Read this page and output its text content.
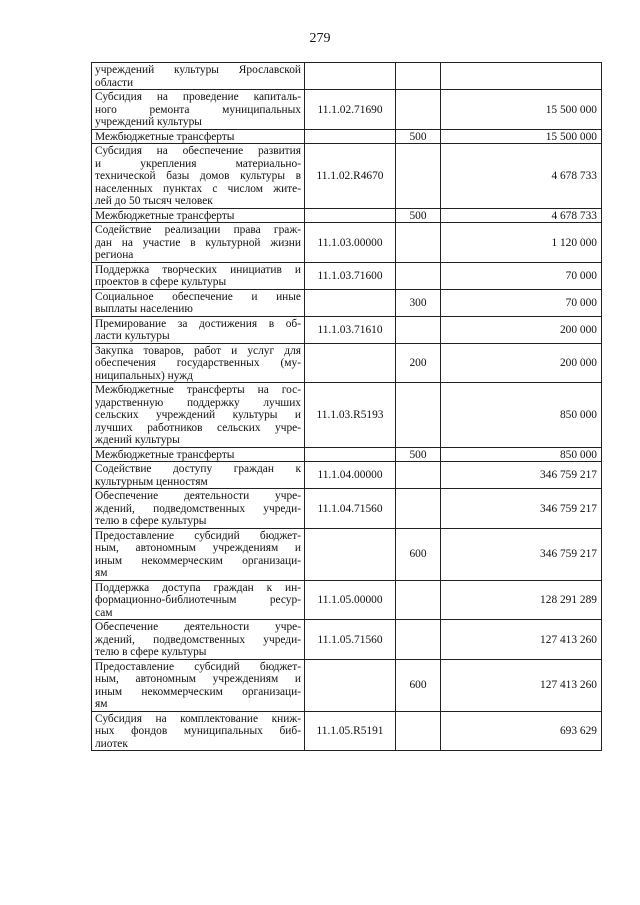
279
учреждений культуры Ярославской
области			

Субсидия на проведение капиталь-
ного ремонта муниципальных
учреждений культуры	11.1.02.71690		15 500 000

Межбюджетные трансферты		500	15 500 000

Субсидия на обеспечение развития
и укрепления материально-
технической базы домов культуры в
населенных пунктах с числом жите-
лей до 50 тысяч человек	11.1.02.R4670		4 678 733

Межбюджетные трансферты		500	4 678 733

Содействие реализации права граж-
дан на участие в культурной жизни
региона	11.1.03.00000		1 120 000

Поддержка творческих инициатив и
проектов в сфере культуры	11.1.03.71600		70 000

Социальное обеспечение и иные
выплаты населению		300	70 000

Премирование за достижения в об-
ласти культуры	11.1.03.71610		200 000

Закупка товаров, работ и услуг для
обеспечения государственных (му-
ниципальных) нужд		200	200 000

Межбюджетные трансферты на гос-
ударственную поддержку лучших
сельских учреждений культуры и
лучших работников сельских учре-
ждений культуры	11.1.03.R5193		850 000

Межбюджетные трансферты		500	850 000

Содействие доступу граждан к
культурным ценностям	11.1.04.00000		346 759 217

Обеспечение деятельности учре-
ждений, подведомственных учреди-
телю в сфере культуры	11.1.04.71560		346 759 217

Предоставление субсидий бюджет-
ным, автономным учреждениям и
иным некоммерческим организаци-
ям		600	346 759 217

Поддержка доступа граждан к ин-
формационно-библиотечным ресур-
сам	11.1.05.00000		128 291 289

Обеспечение деятельности учре-
ждений, подведомственных учреди-
телю в сфере культуры	11.1.05.71560		127 413 260

Предоставление субсидий бюджет-
ным, автономным учреждениям и
иным некоммерческим организаци-
ям		600	127 413 260

Субсидия на комплектование книж-
ных фондов муниципальных биб-
лиотек	11.1.05.R5191		693 629
